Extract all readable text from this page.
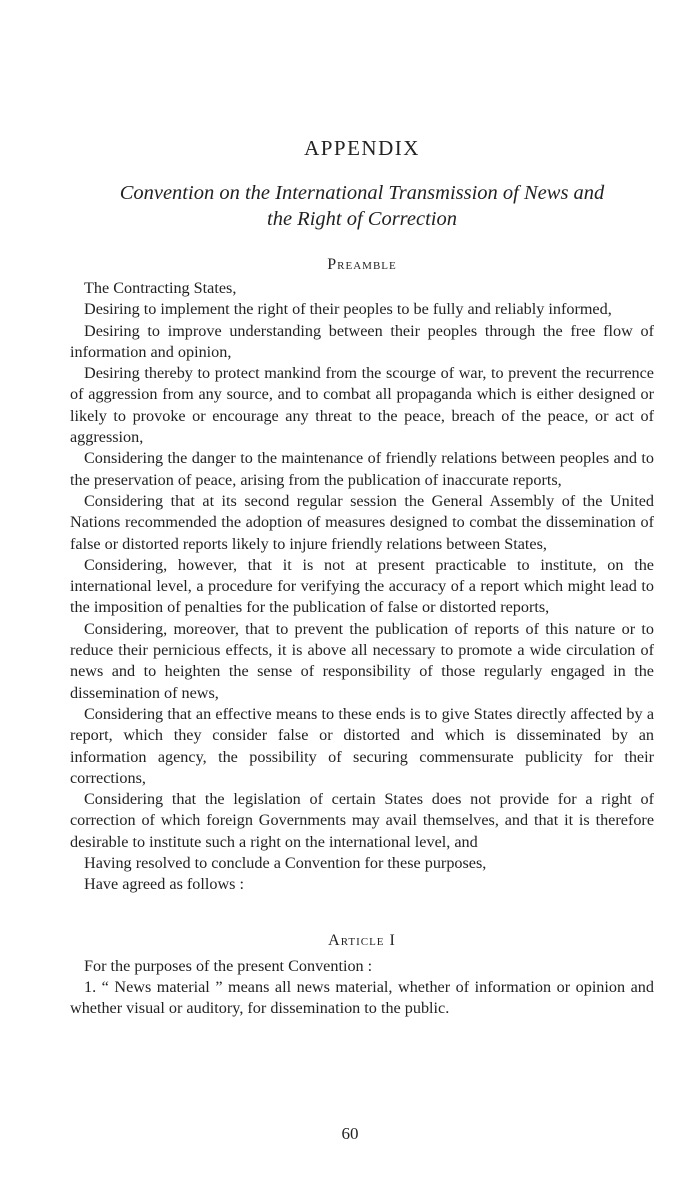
APPENDIX
Convention on the International Transmission of News and
the Right of Correction
Preamble

The Contracting States,

Desiring to implement the right of their peoples to be fully and reliably informed,

Desiring to improve understanding between their peoples through the free flow of information and opinion,

Desiring thereby to protect mankind from the scourge of war, to prevent the recurrence of aggression from any source, and to combat all propaganda which is either designed or likely to provoke or encourage any threat to the peace, breach of the peace, or act of aggression,

Considering the danger to the maintenance of friendly relations between peoples and to the preservation of peace, arising from the publication of inaccurate reports,

Considering that at its second regular session the General Assembly of the United Nations recommended the adoption of measures designed to combat the dissemination of false or distorted reports likely to injure friendly relations between States,

Considering, however, that it is not at present practicable to institute, on the international level, a procedure for verifying the accuracy of a report which might lead to the imposition of penalties for the publication of false or distorted reports,

Considering, moreover, that to prevent the publication of reports of this nature or to reduce their pernicious effects, it is above all necessary to promote a wide circulation of news and to heighten the sense of responsibility of those regularly engaged in the dissemination of news,

Considering that an effective means to these ends is to give States directly affected by a report, which they consider false or distorted and which is disseminated by an information agency, the possibility of securing commensurate publicity for their corrections,

Considering that the legislation of certain States does not provide for a right of correction of which foreign Governments may avail themselves, and that it is therefore desirable to institute such a right on the international level, and

Having resolved to conclude a Convention for these purposes,

Have agreed as follows :

Article I

For the purposes of the present Convention :

1. “ News material ” means all news material, whether of information or opinion and whether visual or auditory, for dissemination to the public.

60
